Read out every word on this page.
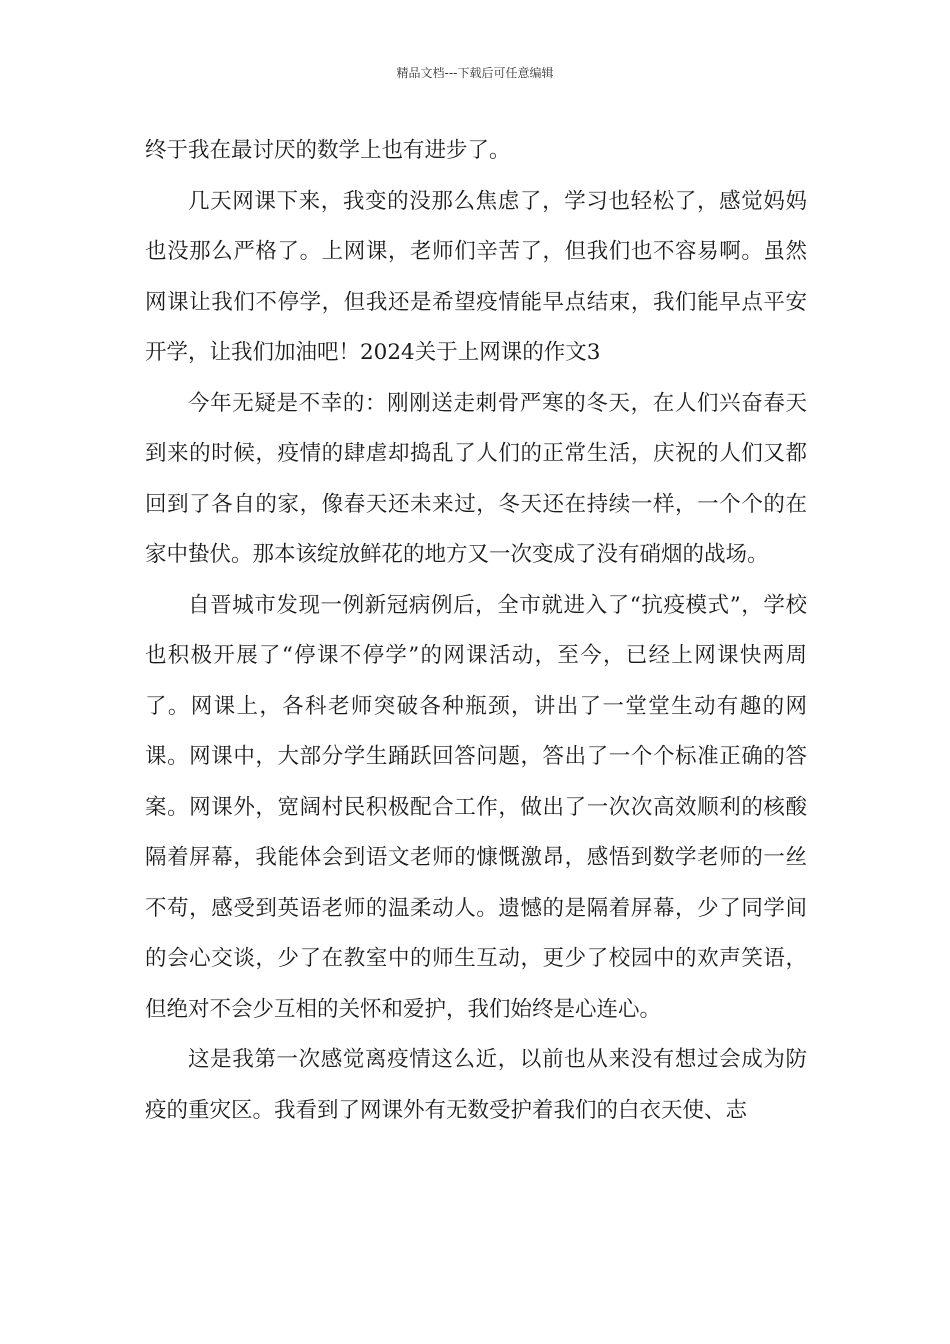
精品文档---下载后可任意编辑

终于我在最讨厌的数学上也有进步了。

几天网课下来，我变的没那么焦虑了，学习也轻松了，感觉妈妈也没那么严格了。上网课，老师们辛苦了，但我们也不容易啊。虽然网课让我们不停学，但我还是希望疫情能早点结束，我们能早点平安开学，让我们加油吧！2024关于上网课的作文3

今年无疑是不幸的：刚刚送走刺骨严寒的冬天，在人们兴奋春天到来的时候，疫情的肆虐却捣乱了人们的正常生活，庆祝的人们又都回到了各自的家，像春天还未来过，冬天还在持续一样，一个个的在家中蛰伏。那本该绽放鲜花的地方又一次变成了没有硝烟的战场。

自晋城市发现一例新冠病例后，全市就进入了“抗疫模式”，学校也积极开展了“停课不停学”的网课活动，至今，已经上网课快两周了。网课上，各科老师突破各种瓶颈，讲出了一堂堂生动有趣的网课。网课中，大部分学生踊跃回答问题，答出了一个个标准正确的答案。网课外，宽阔村民积极配合工作，做出了一次次高效顺利的核酸隔着屏幕，我能体会到语文老师的慷慨激昂，感悟到数学老师的一丝不苟，感受到英语老师的温柔动人。遗憾的是隔着屏幕，少了同学间的会心交谈，少了在教室中的师生互动，更少了校园中的欢声笑语，但绝对不会少互相的关怀和爱护，我们始终是心连心。

这是我第一次感觉离疫情这么近，以前也从来没有想过会成为防疫的重灾区。我看到了网课外有无数受护着我们的白衣天使、志
